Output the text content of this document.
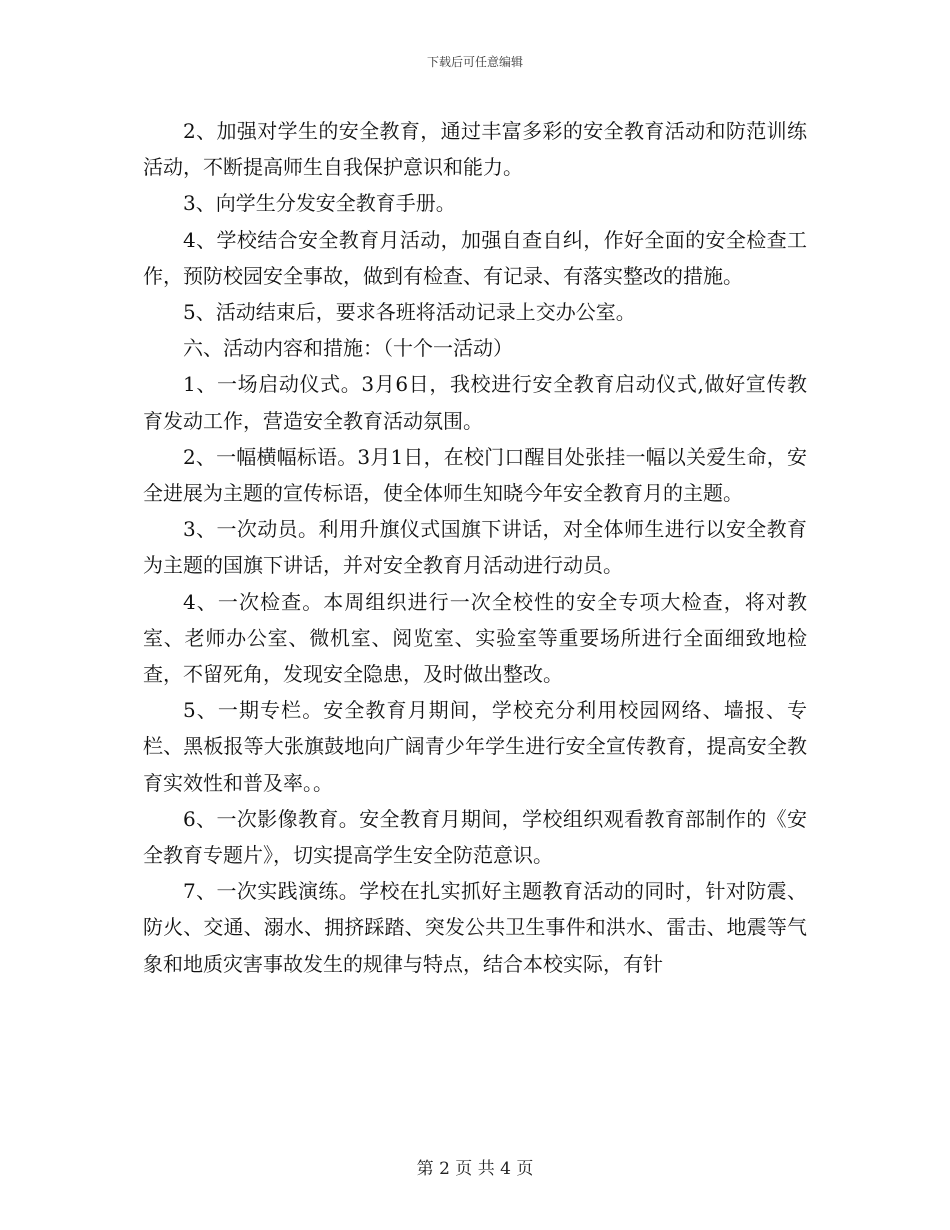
下载后可任意编辑

2、加强对学生的安全教育，通过丰富多彩的安全教育活动和防范训练活动，不断提高师生自我保护意识和能力。

3、向学生分发安全教育手册。

4、学校结合安全教育月活动，加强自查自纠，作好全面的安全检查工作，预防校园安全事故，做到有检查、有记录、有落实整改的措施。

5、活动结束后，要求各班将活动记录上交办公室。

六、活动内容和措施：（十个一活动）

1、一场启动仪式。3月6日，我校进行安全教育启动仪式,做好宣传教育发动工作，营造安全教育活动氛围。

2、一幅横幅标语。3月1日，在校门口醒目处张挂一幅以关爱生命，安全进展为主题的宣传标语，使全体师生知晓今年安全教育月的主题。

3、一次动员。利用升旗仪式国旗下讲话，对全体师生进行以安全教育为主题的国旗下讲话，并对安全教育月活动进行动员。

4、一次检查。本周组织进行一次全校性的安全专项大检查，将对教室、老师办公室、微机室、阅览室、实验室等重要场所进行全面细致地检查，不留死角，发现安全隐患，及时做出整改。

5、一期专栏。安全教育月期间，学校充分利用校园网络、墙报、专栏、黑板报等大张旗鼓地向广阔青少年学生进行安全宣传教育，提高安全教育实效性和普及率。。

6、一次影像教育。安全教育月期间，学校组织观看教育部制作的《安全教育专题片》，切实提高学生安全防范意识。

7、一次实践演练。学校在扎实抓好主题教育活动的同时，针对防震、防火、交通、溺水、拥挤踩踏、突发公共卫生事件和洪水、雷击、地震等气象和地质灾害事故发生的规律与特点，结合本校实际，有针

第 2 页 共 4 页
